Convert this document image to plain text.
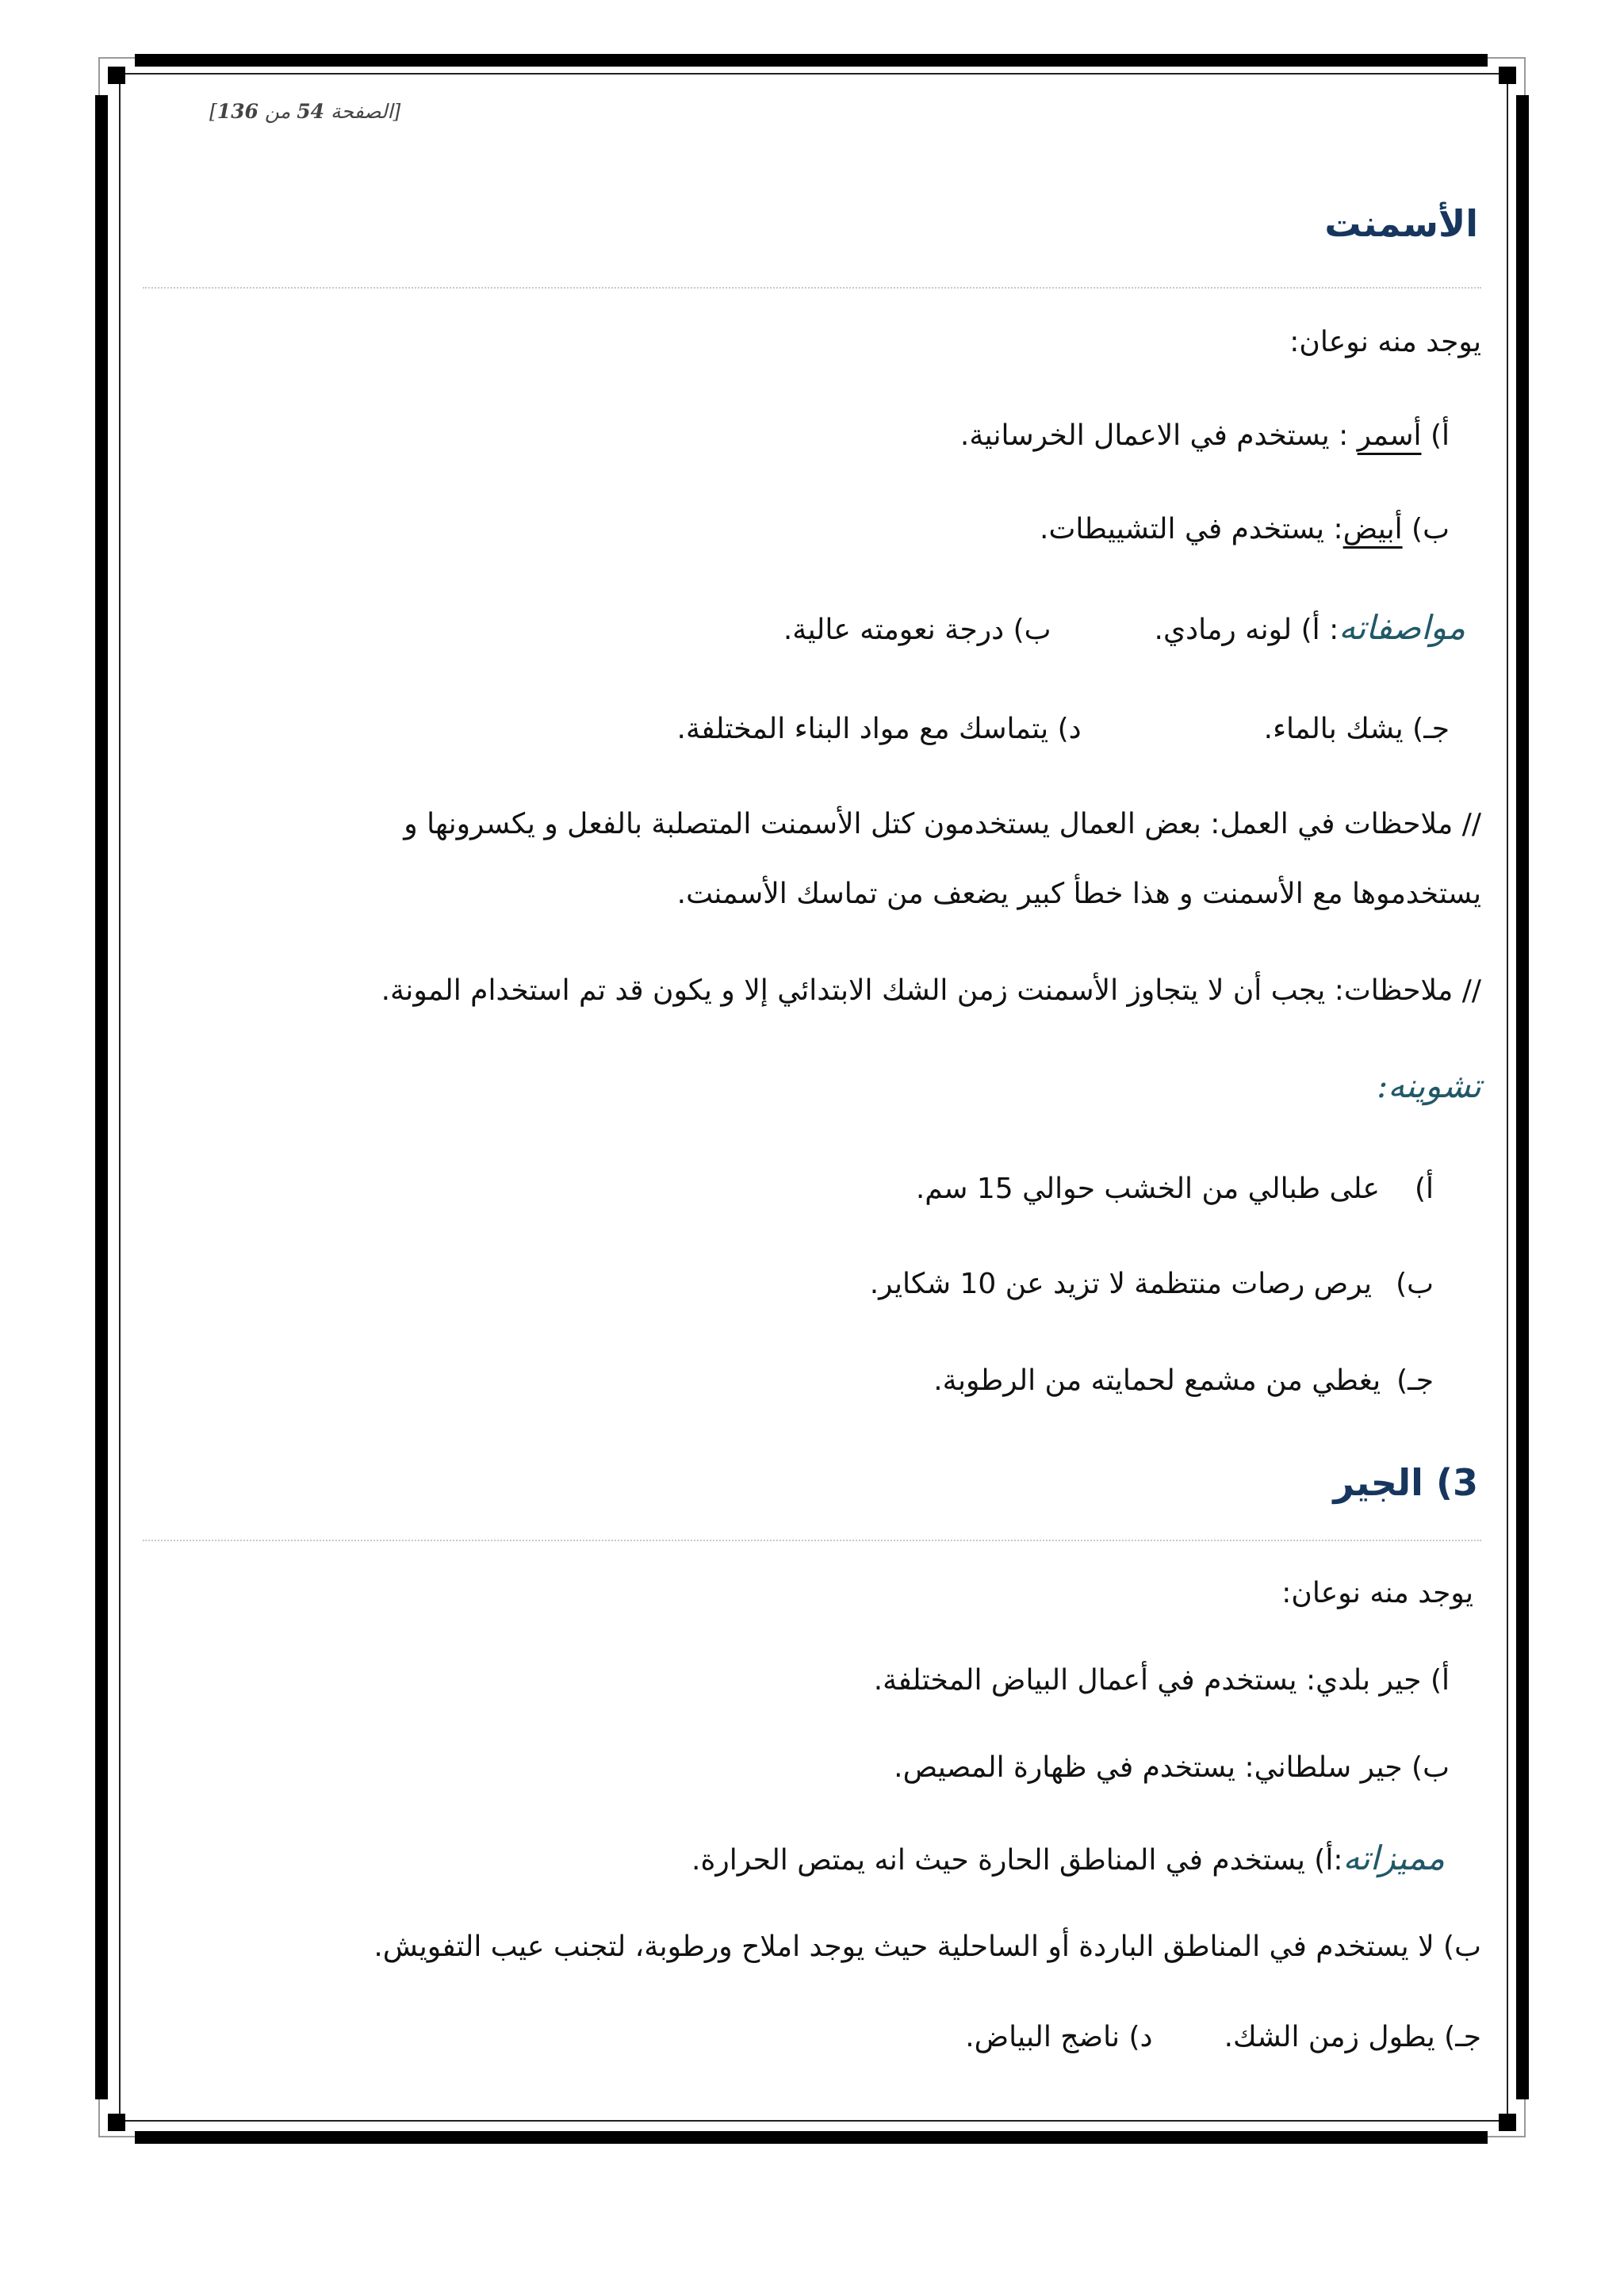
[الصفحة 54 من 136]
الأسمنت
يوجد منه نوعان:
أ) أسمر : يستخدم في الاعمال الخرسانية.
ب) أبيض: يستخدم في التشييطات.
مواصفاته: أ) لونه رمادي.ب) درجة نعومته عالية.
جـ) يشك بالماء.د) يتماسك مع مواد البناء المختلفة.
// ملاحظات في العمل: بعض العمال يستخدمون كتل الأسمنت المتصلبة بالفعل و يكسرونها و
يستخدموها مع الأسمنت و هذا خطأ كبير يضعف من تماسك الأسمنت.
// ملاحظات: يجب أن لا يتجاوز الأسمنت زمن الشك الابتدائي إلا و يكون قد تم استخدام المونة.
تشوينه:
أ)على طبالي من الخشب حوالي 15 سم.
ب)يرص رصات منتظمة لا تزيد عن 10 شكاير.
جـ)يغطي من مشمع لحمايته من الرطوبة.
3) الجير
يوجد منه نوعان:
أ) جير بلدي: يستخدم في أعمال البياض المختلفة.
ب) جير سلطاني: يستخدم في ظهارة المصيص.
مميزاته:أ) يستخدم في المناطق الحارة حيث انه يمتص الحرارة.
ب) لا يستخدم في المناطق الباردة أو الساحلية حيث يوجد املاح ورطوبة، لتجنب عيب التفويش.
جـ) يطول زمن الشك.د) ناضج البياض.
